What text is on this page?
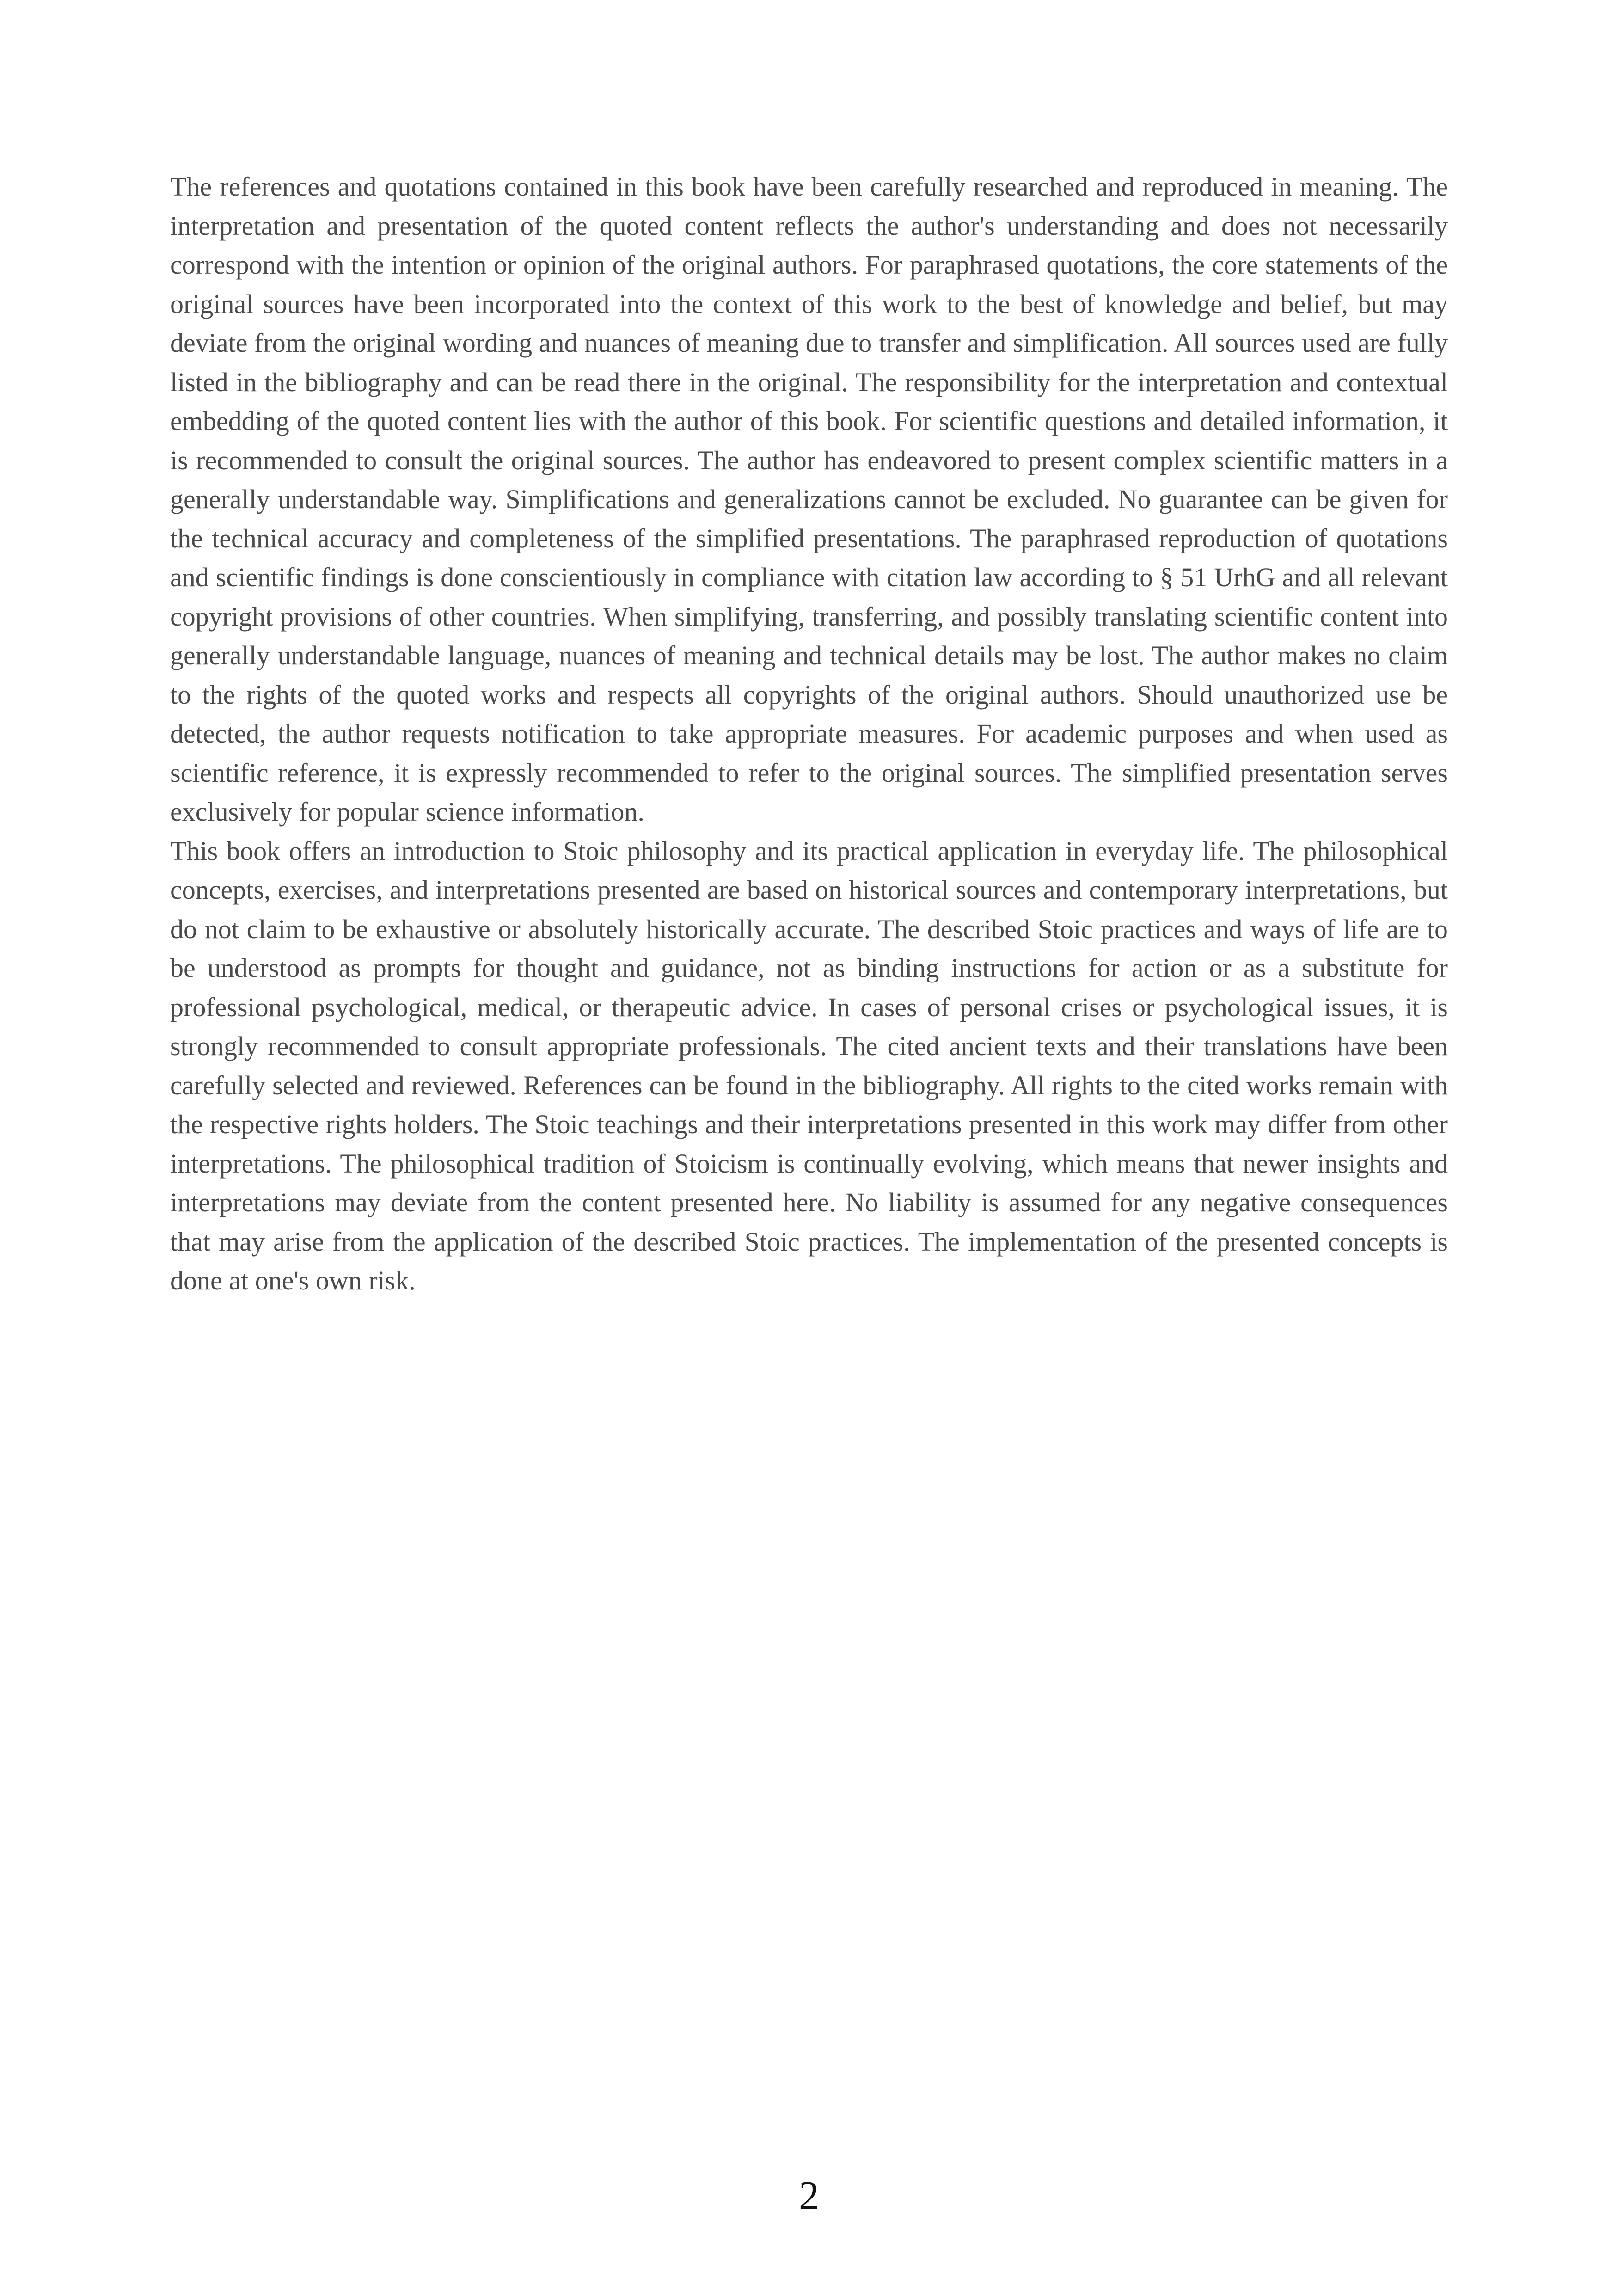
The references and quotations contained in this book have been carefully researched and reproduced in meaning. The interpretation and presentation of the quoted content reflects the author's understanding and does not necessarily correspond with the intention or opinion of the original authors. For paraphrased quotations, the core statements of the original sources have been incorporated into the context of this work to the best of knowledge and belief, but may deviate from the original wording and nuances of meaning due to transfer and simplification. All sources used are fully listed in the bibliography and can be read there in the original. The responsibility for the interpretation and contextual embedding of the quoted content lies with the author of this book. For scientific questions and detailed information, it is recommended to consult the original sources. The author has endeavored to present complex scientific matters in a generally understandable way. Simplifications and generalizations cannot be excluded. No guarantee can be given for the technical accuracy and completeness of the simplified presentations. The paraphrased reproduction of quotations and scientific findings is done conscientiously in compliance with citation law according to § 51 UrhG and all relevant copyright provisions of other countries. When simplifying, transferring, and possibly translating scientific content into generally understandable language, nuances of meaning and technical details may be lost. The author makes no claim to the rights of the quoted works and respects all copyrights of the original authors. Should unauthorized use be detected, the author requests notification to take appropriate measures. For academic purposes and when used as scientific reference, it is expressly recommended to refer to the original sources. The simplified presentation serves exclusively for popular science information.

This book offers an introduction to Stoic philosophy and its practical application in everyday life. The philosophical concepts, exercises, and interpretations presented are based on historical sources and contemporary interpretations, but do not claim to be exhaustive or absolutely historically accurate. The described Stoic practices and ways of life are to be understood as prompts for thought and guidance, not as binding instructions for action or as a substitute for professional psychological, medical, or therapeutic advice. In cases of personal crises or psychological issues, it is strongly recommended to consult appropriate professionals. The cited ancient texts and their translations have been carefully selected and reviewed. References can be found in the bibliography. All rights to the cited works remain with the respective rights holders. The Stoic teachings and their interpretations presented in this work may differ from other interpretations. The philosophical tradition of Stoicism is continually evolving, which means that newer insights and interpretations may deviate from the content presented here. No liability is assumed for any negative consequences that may arise from the application of the described Stoic practices. The implementation of the presented concepts is done at one's own risk.

2
